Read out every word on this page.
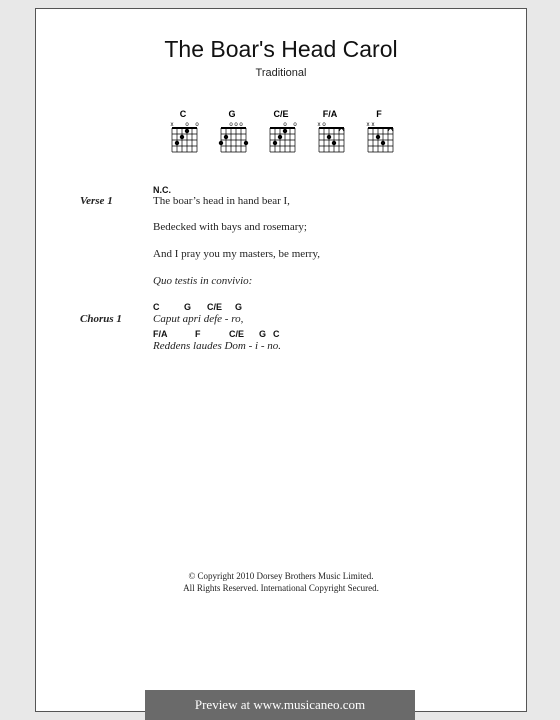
The Boar's Head Carol
Traditional
C
x o o
G
o o o
C/E
o o
F/A
x o
F
x x
Verse 1
N.C.
The boar’s head in hand bear I,
Bedecked with bays and rosemary;
And I pray you my masters, be merry,
Quo testis in convivio:
Chorus 1
C	G C/E G
Caput apri defe - ro,
F/A	F	C/E G C
Reddens laudes Dom - i - no.
© Copyright 2010 Dorsey Brothers Music Limited.
All Rights Reserved. International Copyright Secured.
Preview at www.musicaneo.com
